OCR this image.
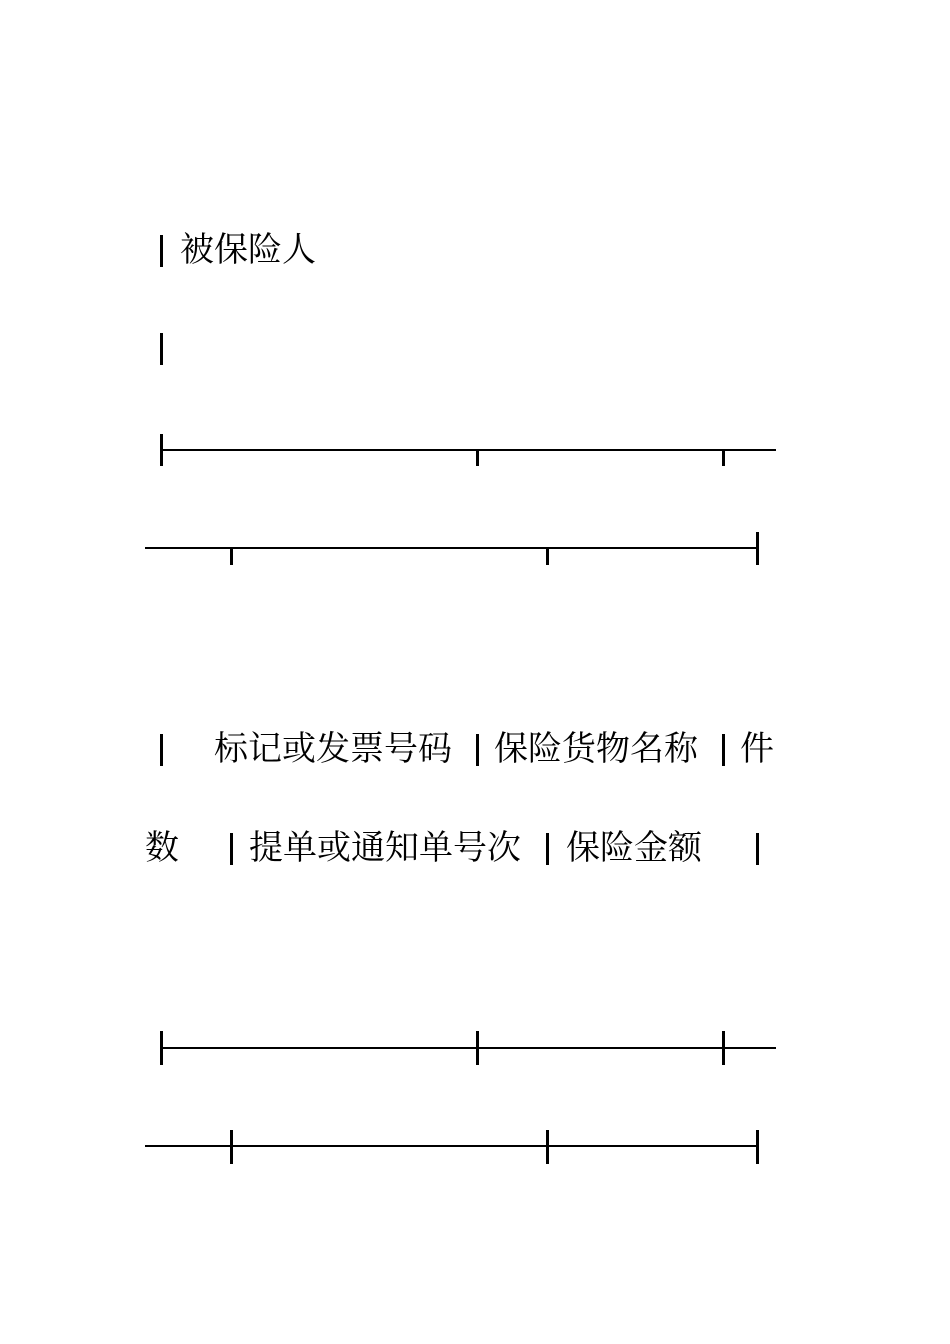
被保险人
标记或发票号码 保险货物名称 件
数 提单或通知单号次 保险金额
